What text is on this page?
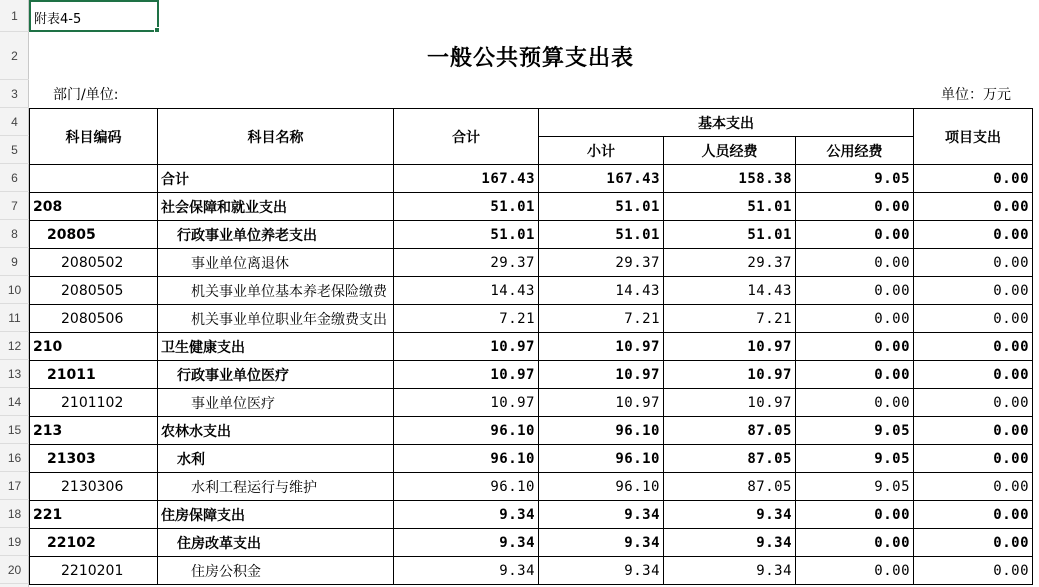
1
2
3
4
5
6
7
8
9
10
11
12
13
14
15
16
17
18
19
20
附表4-5
一般公共预算支出表
部门/单位:	单位：万元
科目编码	科目名称	合计	基本支出			项目支出
			小计	人员经费	公用经费	
	合计	167.43	167.43	158.38	9.05	0.00
208	社会保障和就业支出	51.01	51.01	51.01	0.00	0.00
20805	行政事业单位养老支出	51.01	51.01	51.01	0.00	0.00
2080502	事业单位离退休	29.37	29.37	29.37	0.00	0.00
2080505	机关事业单位基本养老保险缴费	14.43	14.43	14.43	0.00	0.00
2080506	机关事业单位职业年金缴费支出	7.21	7.21	7.21	0.00	0.00
210	卫生健康支出	10.97	10.97	10.97	0.00	0.00
21011	行政事业单位医疗	10.97	10.97	10.97	0.00	0.00
2101102	事业单位医疗	10.97	10.97	10.97	0.00	0.00
213	农林水支出	96.10	96.10	87.05	9.05	0.00
21303	水利	96.10	96.10	87.05	9.05	0.00
2130306	水利工程运行与维护	96.10	96.10	87.05	9.05	0.00
221	住房保障支出	9.34	9.34	9.34	0.00	0.00
22102	住房改革支出	9.34	9.34	9.34	0.00	0.00
2210201	住房公积金	9.34	9.34	9.34	0.00	0.00
